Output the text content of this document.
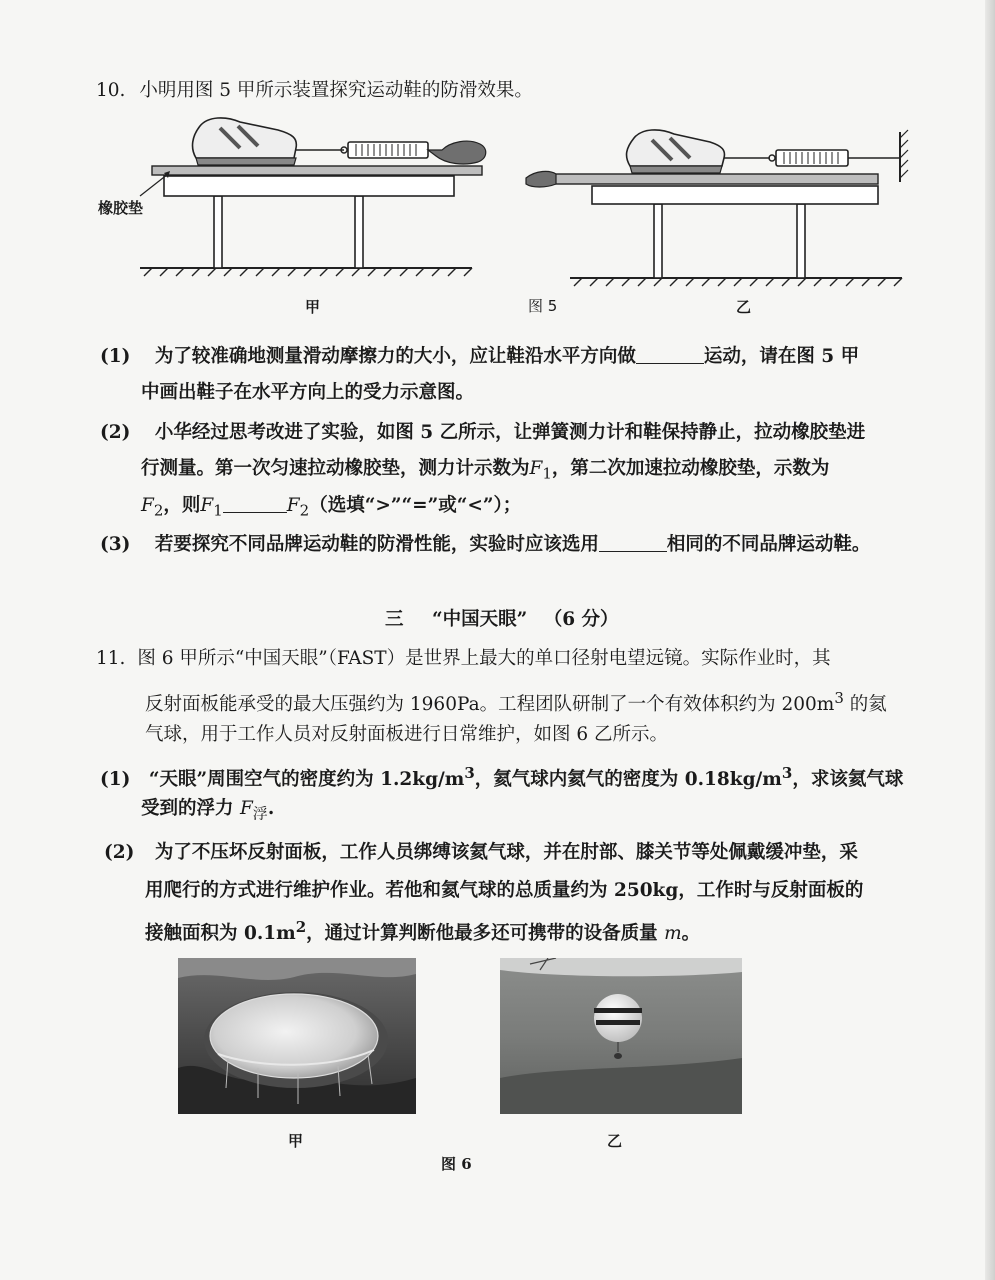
10. 小明用图 5 甲所示装置探究运动鞋的防滑效果。
橡胶垫
甲	图 5	乙
(1) 为了较准确地测量滑动摩擦力的大小，应让鞋沿水平方向做	运动，请在图 5 甲
中画出鞋子在水平方向上的受力示意图。
(2) 小华经过思考改进了实验，如图 5 乙所示，让弹簧测力计和鞋保持静止，拉动橡胶垫进
行测量。第一次匀速拉动橡胶垫，测力计示数为$F_1$，第二次加速拉动橡胶垫，示数为
$F_2$，则$F_1$	$F_2$（选填“>”“=”或“<”）；
(3) 若要探究不同品牌运动鞋的防滑性能，实验时应该选用	相同的不同品牌运动鞋。
三 “中国天眼” （6 分）
11. 图 6 甲所示“中国天眼”（FAST）是世界上最大的单口径射电望远镜。实际作业时，其
反射面板能承受的最大压强约为 1960Pa。工程团队研制了一个有效体积约为 $200m^3$ 的氦
气球，用于工作人员对反射面板进行日常维护，如图 6 乙所示。
(1) “天眼”周围空气的密度约为 $1.2kg/m^3$，氦气球内氦气的密度为 $0.18kg/m^3$，求该氦气球
受到的浮力 $F_浮$.
(2) 为了不压坏反射面板，工作人员绑缚该氦气球，并在肘部、膝关节等处佩戴缓冲垫，采
用爬行的方式进行维护作业。若他和氦气球的总质量约为 250kg，工作时与反射面板的
接触面积为 $0.1m^2$，通过计算判断他最多还可携带的设备质量 m。
甲	乙
图 6
